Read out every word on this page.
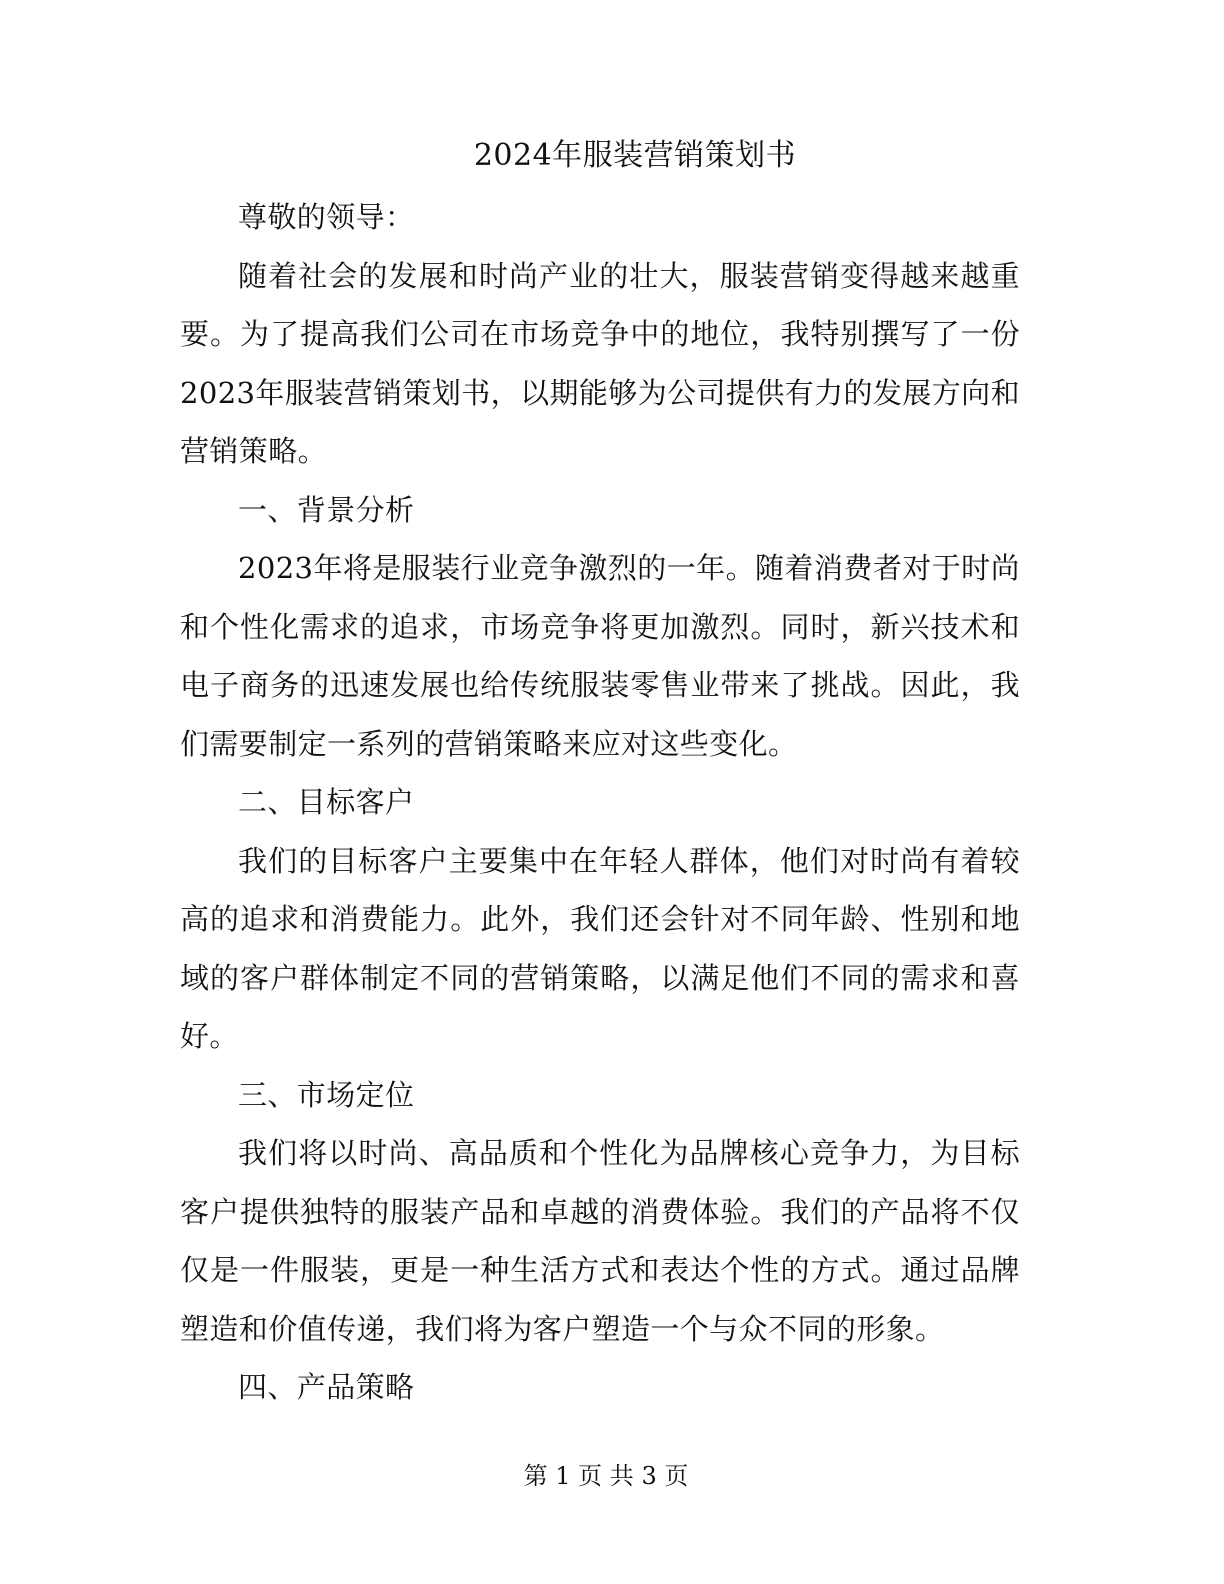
2024年服装营销策划书

尊敬的领导：

随着社会的发展和时尚产业的壮大，服装营销变得越来越重要。为了提高我们公司在市场竞争中的地位，我特别撰写了一份2023年服装营销策划书，以期能够为公司提供有力的发展方向和营销策略。

一、背景分析

2023年将是服装行业竞争激烈的一年。随着消费者对于时尚和个性化需求的追求，市场竞争将更加激烈。同时，新兴技术和电子商务的迅速发展也给传统服装零售业带来了挑战。因此，我们需要制定一系列的营销策略来应对这些变化。

二、目标客户

我们的目标客户主要集中在年轻人群体，他们对时尚有着较高的追求和消费能力。此外，我们还会针对不同年龄、性别和地域的客户群体制定不同的营销策略，以满足他们不同的需求和喜好。

三、市场定位

我们将以时尚、高品质和个性化为品牌核心竞争力，为目标客户提供独特的服装产品和卓越的消费体验。我们的产品将不仅仅是一件服装，更是一种生活方式和表达个性的方式。通过品牌塑造和价值传递，我们将为客户塑造一个与众不同的形象。

四、产品策略

第 1 页 共 3 页
